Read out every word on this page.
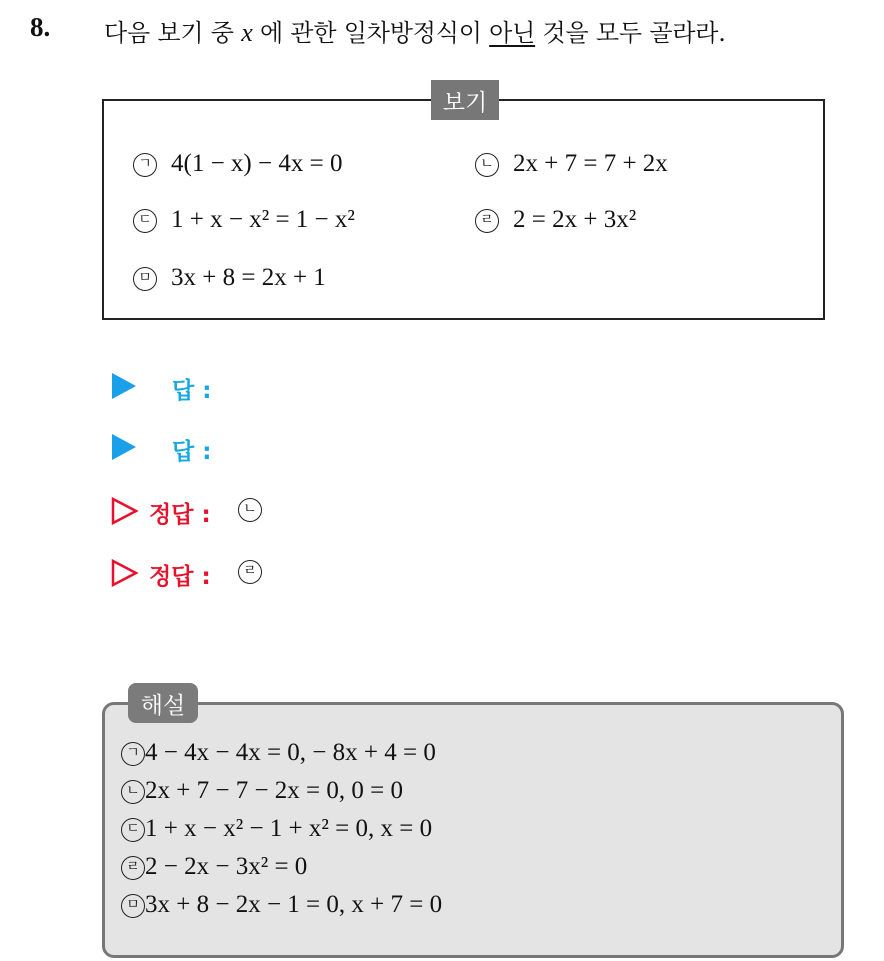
8. 다음 보기 중 x 에 관한 일차방정식이 아닌 것을 모두 골라라.
보기
ㄱ 4(1 − x) − 4x = 0	ㄴ 2x + 7 = 7 + 2x
ㄷ 1 + x − x² = 1 − x²	ㄹ 2 = 2x + 3x²
ㅁ 3x + 8 = 2x + 1
답 :
답 :
정답 :	ㄴ
정답 :	ㄹ
해설
ㄱ 4 − 4x − 4x = 0, − 8x + 4 = 0
ㄴ 2x + 7 − 7 − 2x = 0, 0 = 0
ㄷ 1 + x − x² − 1 + x² = 0, x = 0
ㄹ 2 − 2x − 3x² = 0
ㅁ 3x + 8 − 2x − 1 = 0, x + 7 = 0
